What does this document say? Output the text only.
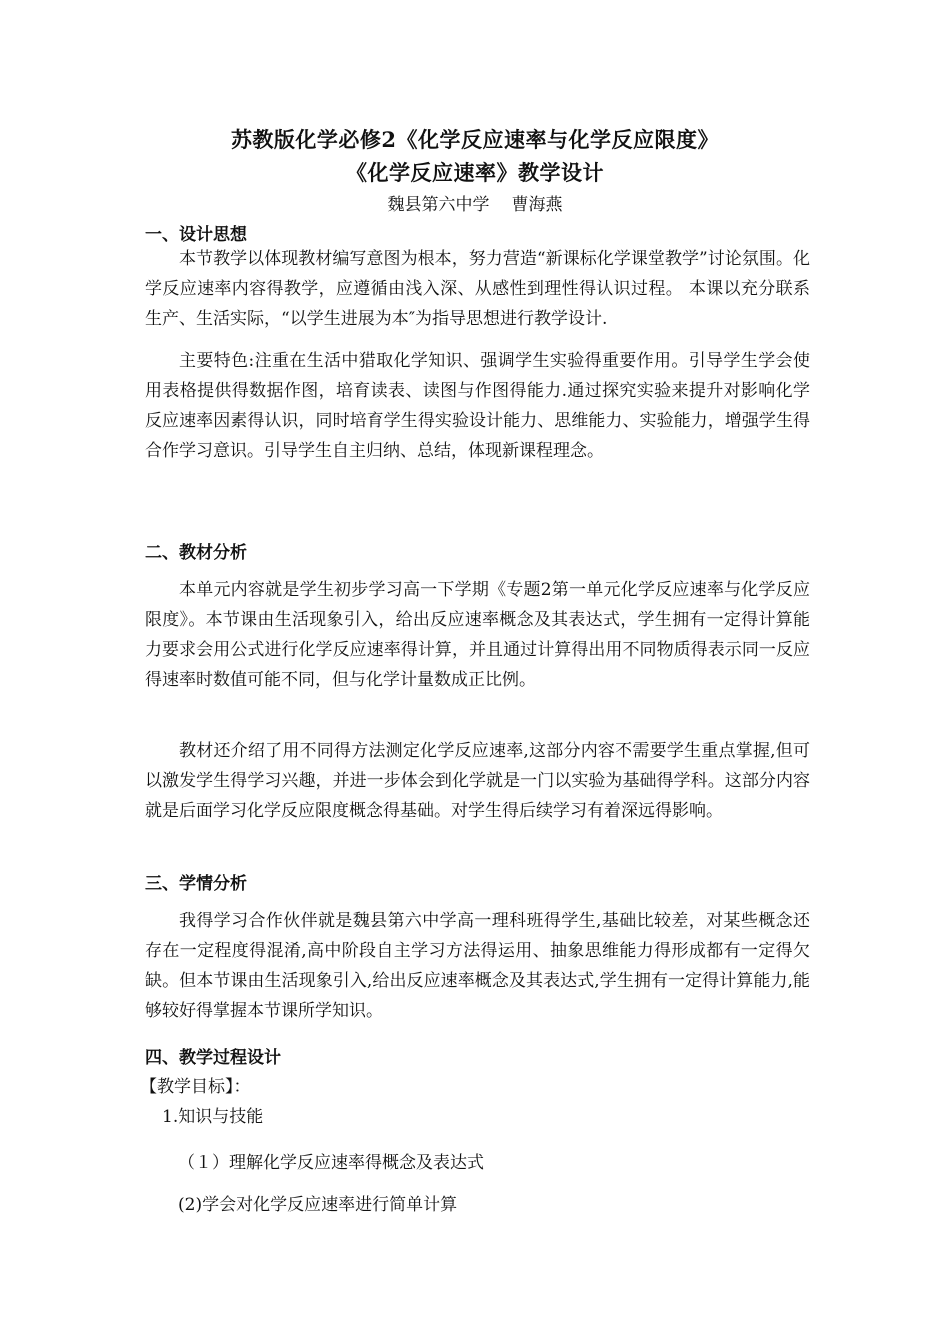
苏教版化学必修2《化学反应速率与化学反应限度》
《化学反应速率》教学设计
魏县第六中学 曹海燕
一、设计思想
本节教学以体现教材编写意图为根本，努力营造“新课标化学课堂教学”讨论氛围。化学反应速率内容得教学，应遵循由浅入深、从感性到理性得认识过程。 本课以充分联系生产、生活实际，“以学生进展为本″为指导思想进行教学设计.
主要特色:注重在生活中猎取化学知识、强调学生实验得重要作用。引导学生学会使用表格提供得数据作图，培育读表、读图与作图得能力.通过探究实验来提升对影响化学反应速率因素得认识，同时培育学生得实验设计能力、思维能力、实验能力，增强学生得合作学习意识。引导学生自主归纳、总结，体现新课程理念。
二、教材分析
本单元内容就是学生初步学习高一下学期《专题2第一单元化学反应速率与化学反应限度》。本节课由生活现象引入，给出反应速率概念及其表达式，学生拥有一定得计算能力要求会用公式进行化学反应速率得计算，并且通过计算得出用不同物质得表示同一反应得速率时数值可能不同，但与化学计量数成正比例。
教材还介绍了用不同得方法测定化学反应速率,这部分内容不需要学生重点掌握,但可以激发学生得学习兴趣，并进一步体会到化学就是一门以实验为基础得学科。这部分内容就是后面学习化学反应限度概念得基础。对学生得后续学习有着深远得影响。
三、学情分析
我得学习合作伙伴就是魏县第六中学高一理科班得学生,基础比较差，对某些概念还存在一定程度得混淆,高中阶段自主学习方法得运用、抽象思维能力得形成都有一定得欠缺。但本节课由生活现象引入,给出反应速率概念及其表达式,学生拥有一定得计算能力,能够较好得掌握本节课所学知识。
四、教学过程设计
【教学目标】：
1.知识与技能
（１）理解化学反应速率得概念及表达式
(2)学会对化学反应速率进行简单计算
